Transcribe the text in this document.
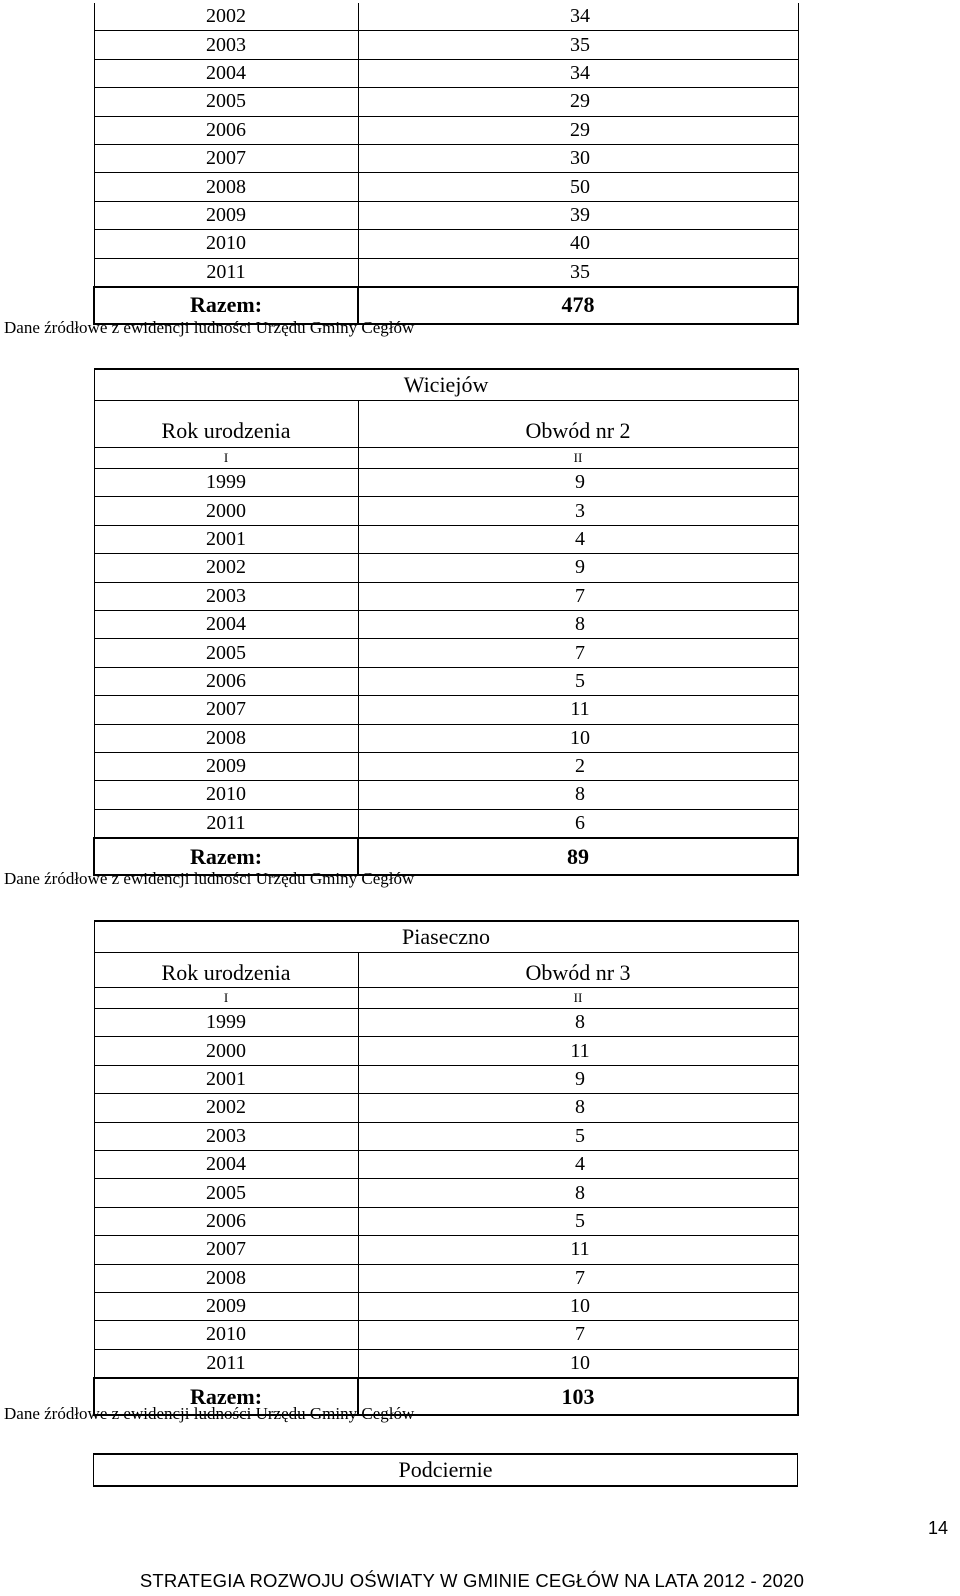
2002	34
2003	35
2004	34
2005	29
2006	29
2007	30
2008	50
2009	39
2010	40
2011	35
Razem:	478
Dane źródłowe z ewidencji ludności Urzędu Gminy Cegłów
Wiciejów	
Rok urodzenia	Obwód nr 2
I	II
1999	9
2000	3
2001	4
2002	9
2003	7
2004	8
2005	7
2006	5
2007	11
2008	10
2009	2
2010	8
2011	6
Razem:	89
Dane źródłowe z ewidencji ludności Urzędu Gminy Cegłów
Piaseczno	
Rok urodzenia	Obwód nr 3
I	II
1999	8
2000	11
2001	9
2002	8
2003	5
2004	4
2005	8
2006	5
2007	11
2008	7
2009	10
2010	7
2011	10
Razem:	103
Dane źródłowe z ewidencji ludności Urzędu Gminy Cegłów
Podciernie
14
STRATEGIA ROZWOJU OŚWIATY W GMINIE CEGŁÓW NA LATA 2012 - 2020
